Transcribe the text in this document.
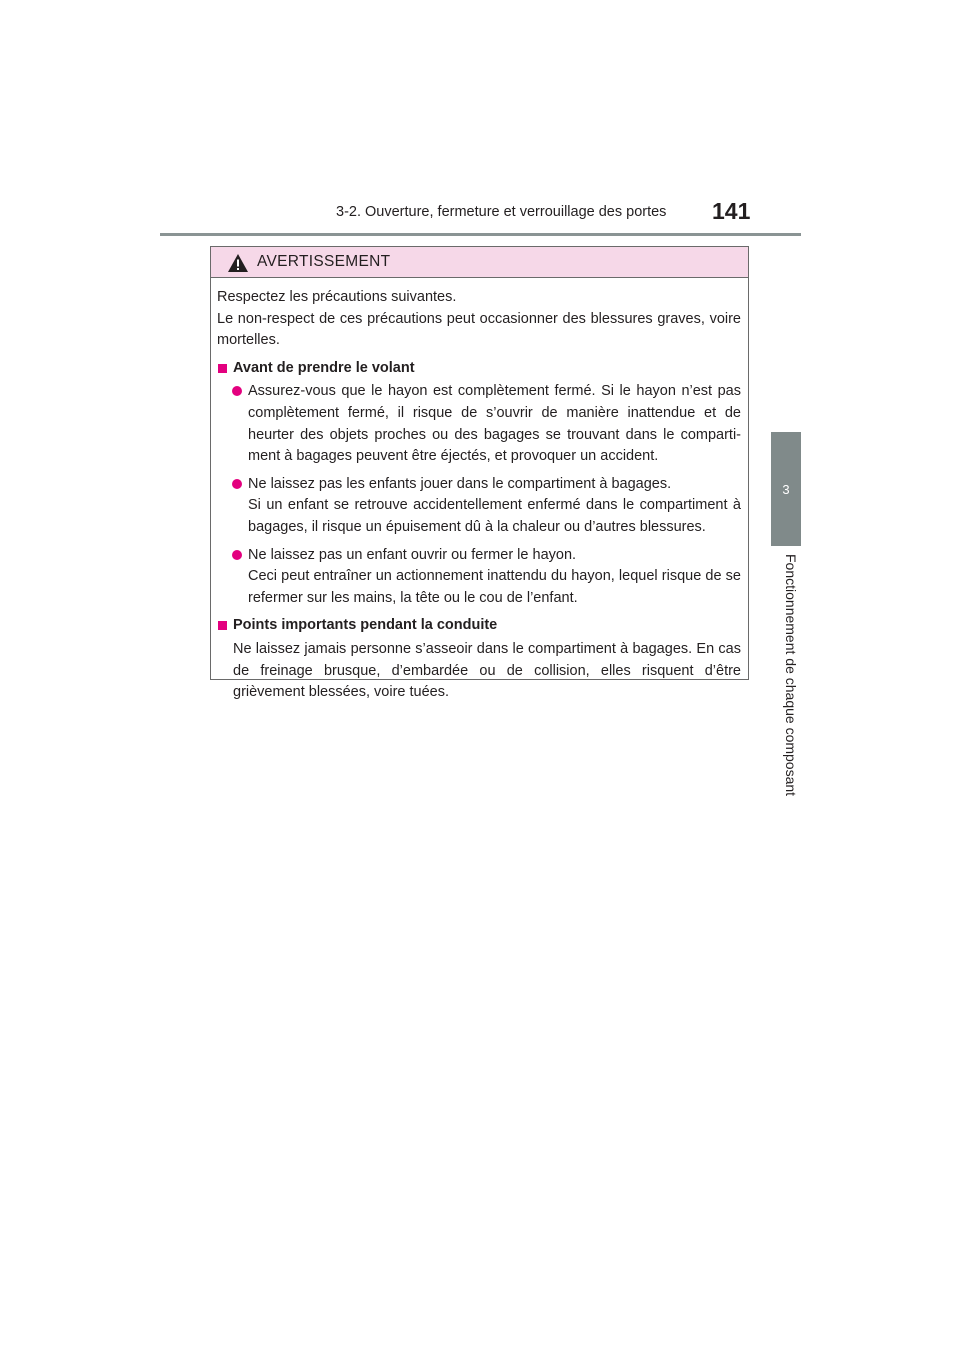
3-2. Ouverture, fermeture et verrouillage des portes	141
3
Fonctionnement de chaque composant
AVERTISSEMENT

Respectez les précautions suivantes.
Le non-respect de ces précautions peut occasionner des blessures graves, voire mortelles.

Avant de prendre le volant

Assurez-vous que le hayon est complètement fermé. Si le hayon n’est pas complètement fermé, il risque de s’ouvrir de manière inattendue et de heurter des objets proches ou des bagages se trouvant dans le comparti-ment à bagages peuvent être éjectés, et provoquer un accident.
Ne laissez pas les enfants jouer dans le compartiment à bagages.
Si un enfant se retrouve accidentellement enfermé dans le compartiment à bagages, il risque un épuisement dû à la chaleur ou d’autres blessures.
Ne laissez pas un enfant ouvrir ou fermer le hayon.
Ceci peut entraîner un actionnement inattendu du hayon, lequel risque de se refermer sur les mains, la tête ou le cou de l’enfant.

Points importants pendant la conduite

Ne laissez jamais personne s’asseoir dans le compartiment à bagages. En cas de freinage brusque, d’embardée ou de collision, elles risquent d’être grièvement blessées, voire tuées.
